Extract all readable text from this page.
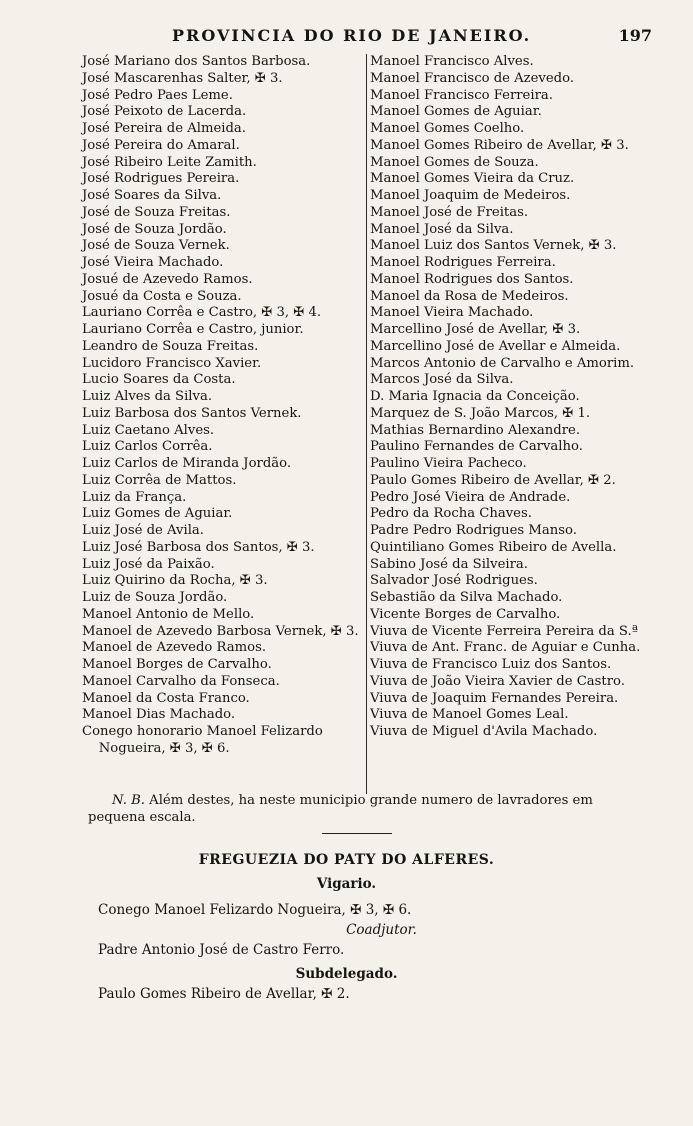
PROVINCIA DO RIO DE JANEIRO.	197
José Mariano dos Santos Barbosa.
José Mascarenhas Salter, ✠ 3.
José Pedro Paes Leme.
José Peixoto de Lacerda.
José Pereira de Almeida.
José Pereira do Amaral.
José Ribeiro Leite Zamith.
José Rodrigues Pereira.
José Soares da Silva.
José de Souza Freitas.
José de Souza Jordão.
José de Souza Vernek.
José Vieira Machado.
Josué de Azevedo Ramos.
Josué da Costa e Souza.
Lauriano Corrêa e Castro, ✠ 3, ✠ 4.
Lauriano Corrêa e Castro, junior.
Leandro de Souza Freitas.
Lucidoro Francisco Xavier.
Lucio Soares da Costa.
Luiz Alves da Silva.
Luiz Barbosa dos Santos Vernek.
Luiz Caetano Alves.
Luiz Carlos Corrêa.
Luiz Carlos de Miranda Jordão.
Luiz Corrêa de Mattos.
Luiz da França.
Luiz Gomes de Aguiar.
Luiz José de Avila.
Luiz José Barbosa dos Santos, ✠ 3.
Luiz José da Paixão.
Luiz Quirino da Rocha, ✠ 3.
Luiz de Souza Jordão.
Manoel Antonio de Mello.
Manoel de Azevedo Barbosa Vernek, ✠ 3.
Manoel de Azevedo Ramos.
Manoel Borges de Carvalho.
Manoel Carvalho da Fonseca.
Manoel da Costa Franco.
Manoel Dias Machado.
Conego honorario Manoel Felizardo
Nogueira, ✠ 3, ✠ 6.
Manoel Francisco Alves.
Manoel Francisco de Azevedo.
Manoel Francisco Ferreira.
Manoel Gomes de Aguiar.
Manoel Gomes Coelho.
Manoel Gomes Ribeiro de Avellar, ✠ 3.
Manoel Gomes de Souza.
Manoel Gomes Vieira da Cruz.
Manoel Joaquim de Medeiros.
Manoel José de Freitas.
Manoel José da Silva.
Manoel Luiz dos Santos Vernek, ✠ 3.
Manoel Rodrigues Ferreira.
Manoel Rodrigues dos Santos.
Manoel da Rosa de Medeiros.
Manoel Vieira Machado.
Marcellino José de Avellar, ✠ 3.
Marcellino José de Avellar e Almeida.
Marcos Antonio de Carvalho e Amorim.
Marcos José da Silva.
D. Maria Ignacia da Conceição.
Marquez de S. João Marcos, ✠ 1.
Mathias Bernardino Alexandre.
Paulino Fernandes de Carvalho.
Paulino Vieira Pacheco.
Paulo Gomes Ribeiro de Avellar, ✠ 2.
Pedro José Vieira de Andrade.
Pedro da Rocha Chaves.
Padre Pedro Rodrigues Manso.
Quintiliano Gomes Ribeiro de Avella.
Sabino José da Silveira.
Salvador José Rodrigues.
Sebastião da Silva Machado.
Vicente Borges de Carvalho.
Viuva de Vicente Ferreira Pereira da S.ª
Viuva de Ant. Franc. de Aguiar e Cunha.
Viuva de Francisco Luiz dos Santos.
Viuva de João Vieira Xavier de Castro.
Viuva de Joaquim Fernandes Pereira.
Viuva de Manoel Gomes Leal.
Viuva de Miguel d'Avila Machado.
N. B. Além destes, ha neste municipio grande numero de lavradores em
pequena escala.
FREGUEZIA DO PATY DO ALFERES.
Vigario.
Conego Manoel Felizardo Nogueira, ✠ 3, ✠ 6.
Coadjutor.
Padre Antonio José de Castro Ferro.
Subdelegado.
Paulo Gomes Ribeiro de Avellar, ✠ 2.
